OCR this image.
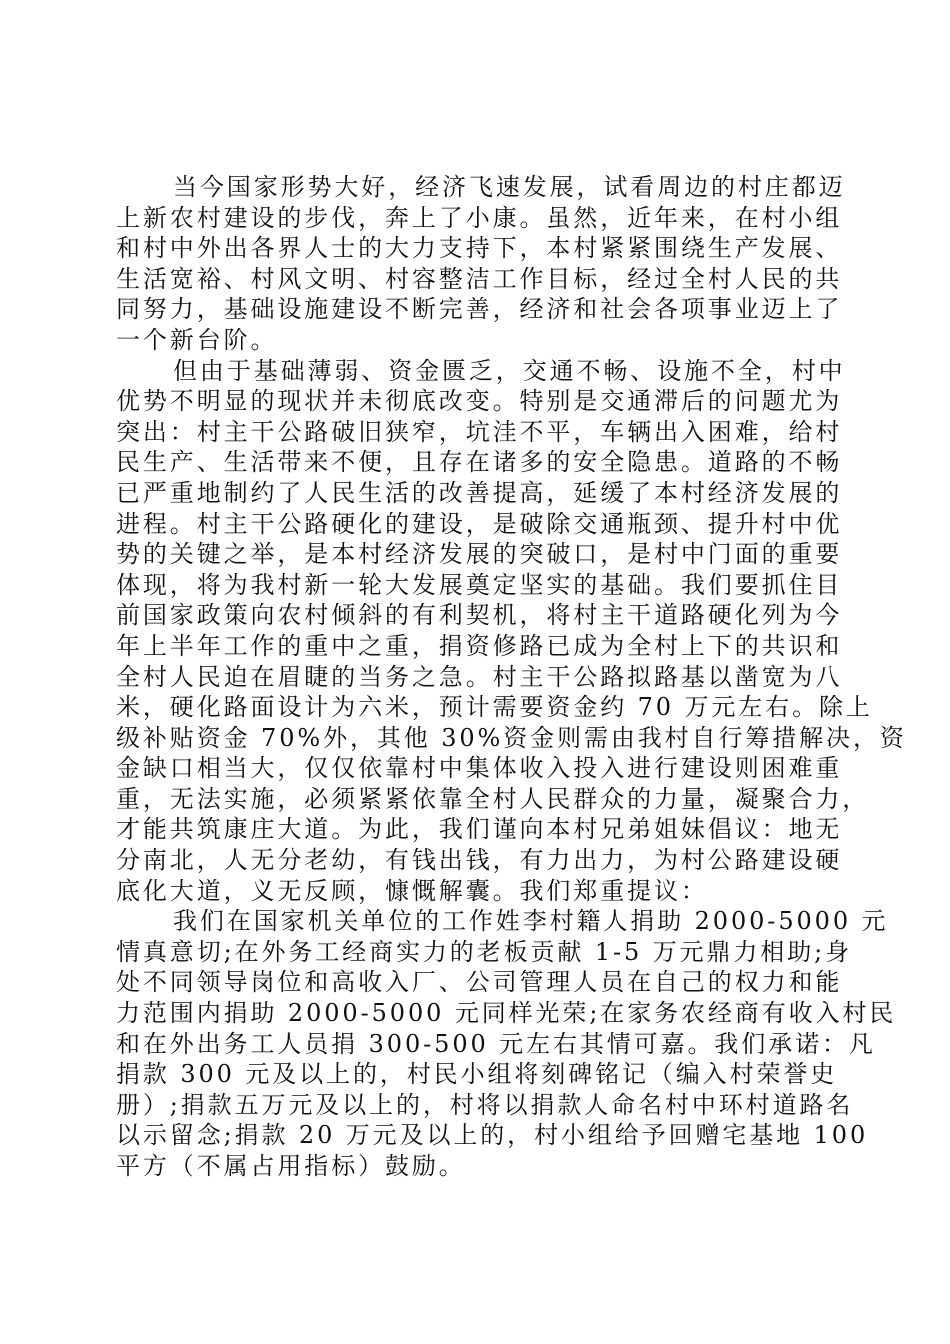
当今国家形势大好，经济飞速发展，试看周边的村庄都迈
上新农村建设的步伐，奔上了小康。虽然，近年来，在村小组
和村中外出各界人士的大力支持下，本村紧紧围绕生产发展、
生活宽裕、村风文明、村容整洁工作目标，经过全村人民的共
同努力，基础设施建设不断完善，经济和社会各项事业迈上了
一个新台阶。
但由于基础薄弱、资金匮乏，交通不畅、设施不全，村中
优势不明显的现状并未彻底改变。特别是交通滞后的问题尤为
突出：村主干公路破旧狭窄，坑洼不平，车辆出入困难，给村
民生产、生活带来不便，且存在诸多的安全隐患。道路的不畅
已严重地制约了人民生活的改善提高，延缓了本村经济发展的
进程。村主干公路硬化的建设，是破除交通瓶颈、提升村中优
势的关键之举，是本村经济发展的突破口，是村中门面的重要
体现，将为我村新一轮大发展奠定坚实的基础。我们要抓住目
前国家政策向农村倾斜的有利契机，将村主干道路硬化列为今
年上半年工作的重中之重，捐资修路已成为全村上下的共识和
全村人民迫在眉睫的当务之急。村主干公路拟路基以凿宽为八
米，硬化路面设计为六米，预计需要资金约 70 万元左右。除上
级补贴资金 70%外，其他 30%资金则需由我村自行筹措解决，资
金缺口相当大，仅仅依靠村中集体收入投入进行建设则困难重
重，无法实施，必须紧紧依靠全村人民群众的力量，凝聚合力，
才能共筑康庄大道。为此，我们谨向本村兄弟姐妹倡议：地无
分南北，人无分老幼，有钱出钱，有力出力，为村公路建设硬
底化大道，义无反顾，慷慨解囊。我们郑重提议：
我们在国家机关单位的工作姓李村籍人捐助 2000-5000 元
情真意切;在外务工经商实力的老板贡献 1-5 万元鼎力相助;身
处不同领导岗位和高收入厂、公司管理人员在自己的权力和能
力范围内捐助 2000-5000 元同样光荣;在家务农经商有收入村民
和在外出务工人员捐 300-500 元左右其情可嘉。我们承诺：凡
捐款 300 元及以上的，村民小组将刻碑铭记（编入村荣誉史
册）;捐款五万元及以上的，村将以捐款人命名村中环村道路名
以示留念;捐款 20 万元及以上的，村小组给予回赠宅基地 100
平方（不属占用指标）鼓励。
